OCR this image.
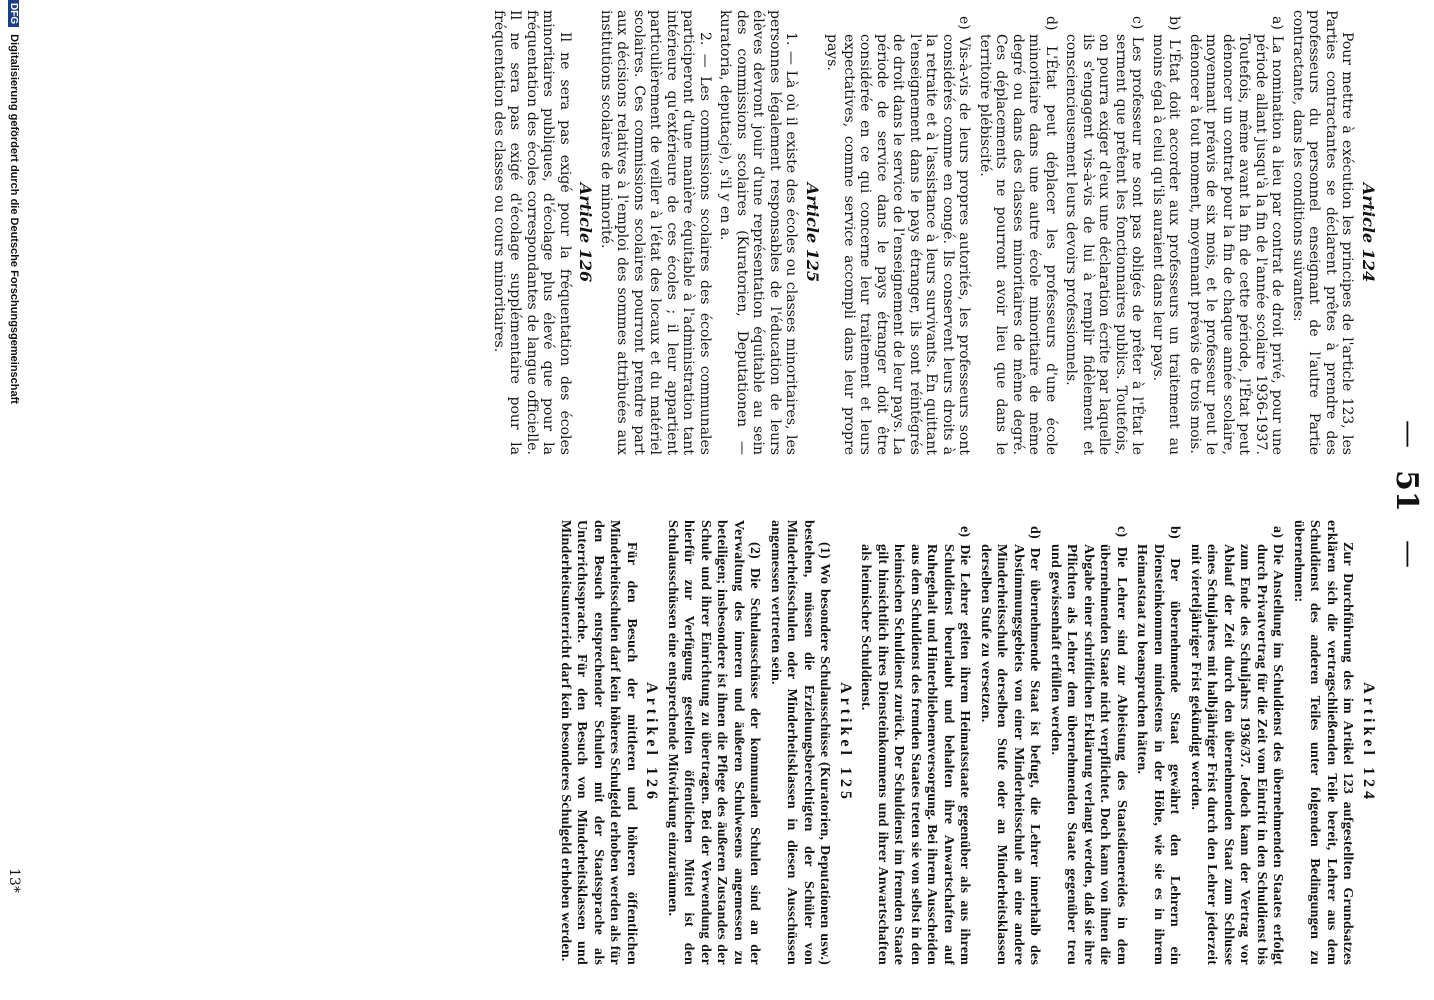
—
51
—
Article 124

Pour mettre à exécution les principes de l'article 123, les Parties contractantes se déclarent prêtes à prendre des professeurs du personnel enseignant de l'autre Partie contractante, dans les conditions suivantes:

a) La nomination a lieu par contrat de droit privé, pour une période allant jusqu'à la fin de l'année scolaire 1936-1937. Toutefois, même avant la fin de cette période, l'État peut dénoncer un contrat pour la fin de chaque année scolaire, moyennant préavis de six mois, et le professeur peut le dénoncer à tout moment, moyennant préavis de trois mois.
b) L'État doit accorder aux professeurs un traitement au moins égal à celui qu'ils auraient dans leur pays.
c) Les professeur ne sont pas obligés de prêter à l'État le serment que prêtent les fonctionnaires publics. Toutefois, on pourra exiger d'eux une déclaration écrite par laquelle ils s'engagent vis-à-vis de lui à remplir fidèlement et consciencieusement leurs devoirs professionnels.
d) L'État peut déplacer les professeurs d'une école minoritaire dans une autre école minoritaire de même degré ou dans des classes minoritaires de même degré. Ces déplacements ne pourront avoir lieu que dans le territoire plébiscité.
e) Vis-à-vis de leurs propres autorités, les professeurs sont considérés comme en congé. Ils conservent leurs droits à la retraite et à l'assistance à leurs survivants. En quittant l'enseignement dans le pays étranger, ils sont réintégrés de droit dans le service de l'enseignement de leur pays. La période de service dans le pays étranger doit être considérée en ce qui concerne leur traitement et leurs expectatives, comme service accompli dans leur propre pays.
Article 125

1. — Là où il existe des écoles ou classes minoritaires, les personnes légalement responsables de l'éducation de leurs élèves devront jouir d'une représentation équitable au sein des commissions scolaires (Kuratorien, Deputationen — kuratoria, deputacje), s'il y en a.

2. — Les commissions scolaires des écoles communales participeront d'une manière équitable à l'administration tant intérieure qu'extérieure de ces écoles ; il leur appartient particulièrement de veiller à l'état des locaux et du matériel scolaires. Ces commissions scolaires pourront prendre part aux décisions relatives à l'emploi des sommes attribuées aux institutions scolaires de minorité.

Article 126

Il ne sera pas exigé pour la fréquentation des écoles minoritaires publiques, d'écolage plus élevé que pour la fréquentation des écoles correspondantes de langue officielle. Il ne sera pas exigé d'écolage supplémentaire pour la fréquentation des classes ou cours minoritaires.

Artikel 124

Zur Durchführung des im Artikel 123 aufgestellten Grundsatzes erklären sich die vertragschließenden Teile bereit, Lehrer aus dem Schuldienst des anderen Teiles unter folgenden Bedingungen zu übernehmen:

a) Die Anstellung im Schuldienst des übernehmenden Staates erfolgt durch Privatvertrag für die Zeit vom Eintritt in den Schuldienst bis zum Ende des Schuljahrs 1936/37. Jedoch kann der Vertrag vor Ablauf der Zeit durch den übernehmenden Staat zum Schlusse eines Schuljahres mit halbjähriger Frist durch den Lehrer jederzeit mit vierteljähriger Frist gekündigt werden.
b) Der übernehmende Staat gewährt den Lehrern ein Diensteinkommen mindestens in der Höhe, wie sie es in ihrem Heimatstaat zu beanspruchen hätten.
c) Die Lehrer sind zur Ableistung des Staatsdienereides in dem übernehmenden Staate nicht verpflichtet. Doch kann von ihnen die Abgabe einer schriftlichen Erklärung verlangt werden, daß sie ihre Pflichten als Lehrer dem übernehmenden Staate gegenüber treu und gewissenhaft erfüllen werden.
d) Der übernehmende Staat ist befugt, die Lehrer innerhalb des Abstimmungsgebiets von einer Minderheitsschule an eine andere Minderheitsschule derselben Stufe oder an Minderheitsklassen derselben Stufe zu versetzen.
e) Die Lehrer gelten ihrem Heimatsstaate gegenüber als aus ihrem Schuldienst beurlaubt und behalten ihre Anwartschaften auf Ruhegehalt und Hinterbliebenenversorgung. Bei ihrem Ausscheiden aus dem Schuldienst des fremden Staates treten sie von selbst in den heimischen Schuldienst zurück. Der Schuldienst im fremden Staate gilt hinsichtlich ihres Diensteinkommens und ihrer Anwartschaften als heimischer Schuldienst.
Artikel 125

(1) Wo besondere Schulausschüsse (Kuratorien, Deputationen usw.) bestehen, müssen die Erziehungsberechtigten der Schüler von Minderheitsschulen oder Minderheitsklassen in diesen Ausschüssen angemessen vertreten sein.

(2) Die Schulausschüsse der kommunalen Schulen sind an der Verwaltung des inneren und äußeren Schulwesens angemessen zu beteiligen; insbesondere ist ihnen die Pflege des äußeren Zustandes der Schule und ihrer Einrichtung zu übertragen. Bei der Verwendung der hierfür zur Verfügung gestellten öffentlichen Mittel ist den Schulausschüssen eine entsprechende Mitwirkung einzuräumen.

Artikel 126

Für den Besuch der mittleren und höheren öffentlichen Minderheitsschulen darf kein höheres Schulgeld erhoben werden als für den Besuch entsprechender Schulen mit der Staatssprache als Unterrichtssprache. Für den Besuch von Minderheitsklassen und Minderheitsunterricht darf kein besonderes Schulgeld erhoben werden.

DFG Digitalisierung gefördert durch die Deutsche Forschungsgemeinschaft
13*
